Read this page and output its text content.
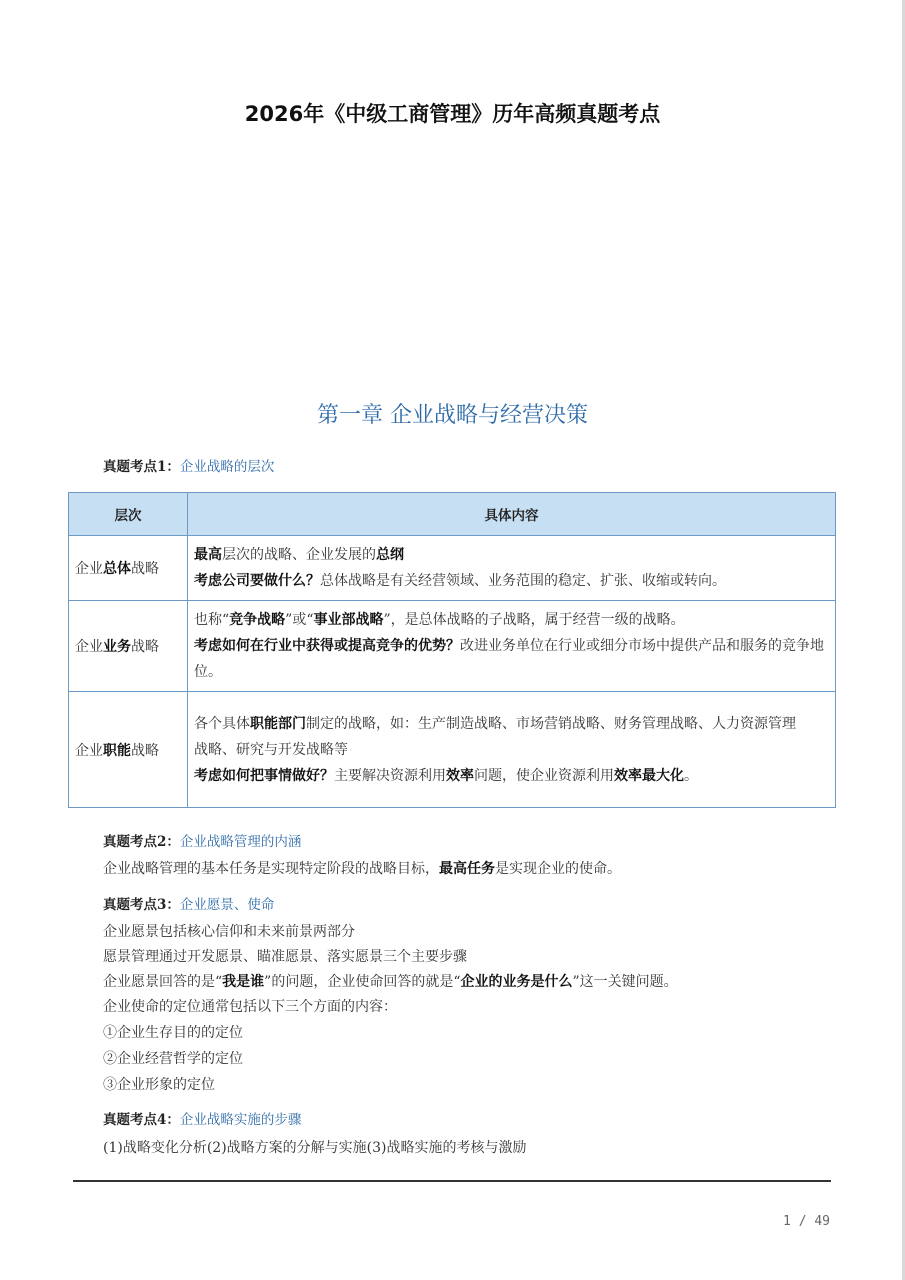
2026年《中级工商管理》历年高频真题考点
第一章 企业战略与经营决策

真题考点1：企业战略的层次

层次	具体内容
企业总体战略	最高层次的战略、企业发展的总纲
考虑公司要做什么？总体战略是有关经营领域、业务范围的稳定、扩张、收缩或转向。

企业业务战略	也称“竞争战略”或“事业部战略”，是总体战略的子战略，属于经营一级的战略。
考虑如何在行业中获得或提高竞争的优势？改进业务单位在行业或细分市场中提供产品和服务的竞争地位。

企业职能战略	各个具体职能部门制定的战略，如：生产制造战略、市场营销战略、财务管理战略、人力资源管理
战略、研究与开发战略等
考虑如何把事情做好？主要解决资源利用效率问题，使企业资源利用效率最大化。

真题考点2：企业战略管理的内涵

企业战略管理的基本任务是实现特定阶段的战略目标，最高任务是实现企业的使命。

真题考点3：企业愿景、使命

企业愿景包括核心信仰和未来前景两部分

愿景管理通过开发愿景、瞄准愿景、落实愿景三个主要步骤

企业愿景回答的是“我是谁”的问题，企业使命回答的就是“企业的业务是什么”这一关键问题。

企业使命的定位通常包括以下三个方面的内容：

①企业生存目的的定位

②企业经营哲学的定位

③企业形象的定位

真题考点4：企业战略实施的步骤

(1)战略变化分析(2)战略方案的分解与实施(3)战略实施的考核与激励

1 / 49
